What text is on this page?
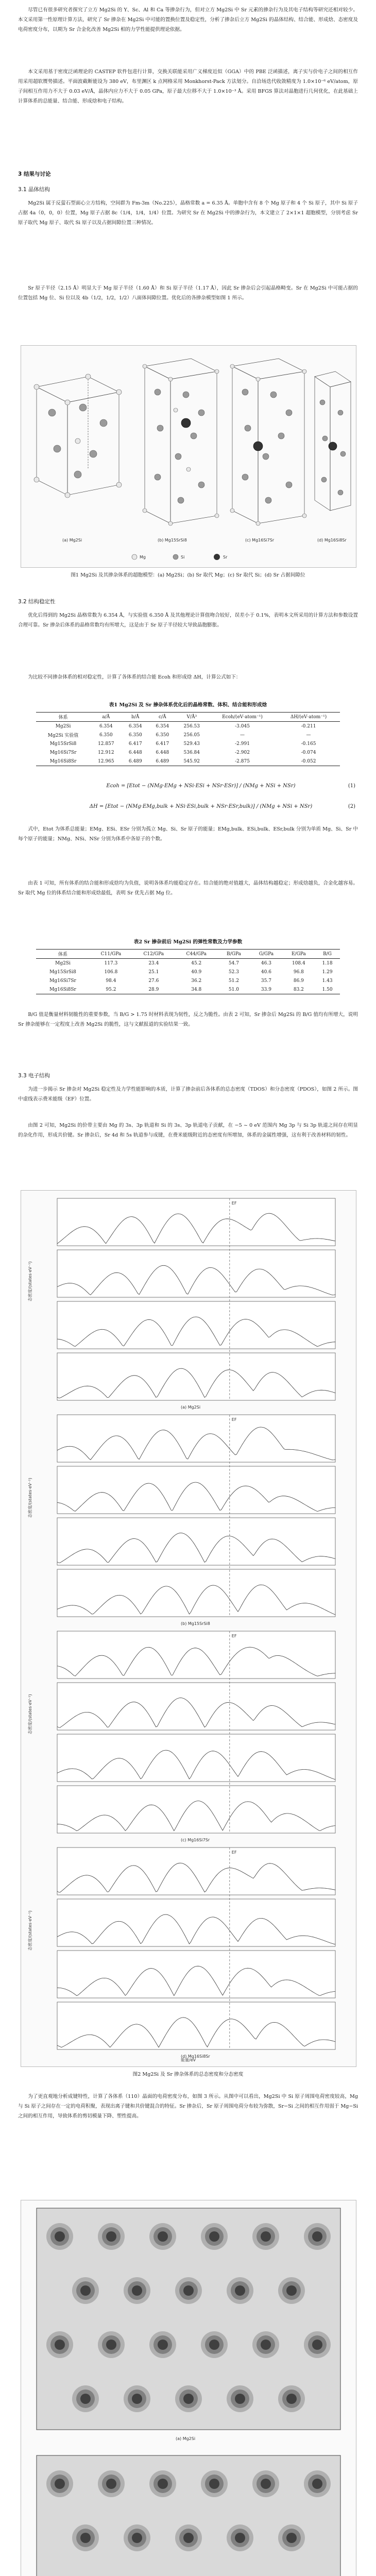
尽管已有很多研究者探究了立方 Mg2Si 的 Y、Sc、Al 和 Ca 等掺杂行为，但对立方 Mg2Si 中 Sr 元素的掺杂行为及其电子结构等研究还相对较少。本文采用第一性原理计算方法，研究了 Sr 掺杂在 Mg2Si 中可能的置换位置及稳定性，分析了掺杂后立方 Mg2Si 的晶体结构、结合能、形成焓、态密度及电荷密度分布，以期为 Sr 合金化改善 Mg2Si 相的力学性能提供理论依据。

本文采用基于密度泛函理论的 CASTEP 软件包进行计算，交换关联能采用广义梯度近似（GGA）中的 PBE 泛函描述，离子实与价电子之间的相互作用采用超软赝势描述。平面波截断能设为 380 eV，布里渊区 k 点网格采用 Monkhorst-Pack 方法划分。自洽场迭代收敛精度为 1.0×10⁻⁶ eV/atom，原子间相互作用力不大于 0.03 eV/Å，晶体内应力不大于 0.05 GPa，原子最大位移不大于 1.0×10⁻³ Å。采用 BFGS 算法对晶胞进行几何优化，在此基础上计算体系的总能量、结合能、形成焓和电子结构。

3 结果与讨论
3.1 晶体结构

Mg2Si 属于反萤石型面心立方结构，空间群为 Fm-3m（No.225），晶格常数 a = 6.35 Å。单胞中含有 8 个 Mg 原子和 4 个 Si 原子，其中 Si 原子占据 4a（0，0，0）位置，Mg 原子占据 8c（1/4，1/4，1/4）位置。为研究 Sr 在 Mg2Si 中的掺杂行为，本文建立了 2×1×1 超胞模型，分别考虑 Sr 原子取代 Mg 原子、取代 Si 原子以及占据间隙位置三种情况。

Sr 原子半径（2.15 Å）明显大于 Mg 原子半径（1.60 Å）和 Si 原子半径（1.17 Å），因此 Sr 掺杂后会引起晶格畸变。Sr 在 Mg2Si 中可能占据的位置包括 Mg 位、Si 位以及 4b（1/2，1/2，1/2）八面体间隙位置。优化后的各掺杂模型如图 1 所示。

(a) Mg2Si	(b) Mg15SrSi8	(c) Mg16Si7Sr	(d) Mg16Si8Sr
Mg	Si	Sr
图1 Mg2Si 及其掺杂体系的超胞模型：(a) Mg2Si；(b) Sr 取代 Mg；(c) Sr 取代 Si；(d) Sr 占据间隙位
3.2 结构稳定性

优化后得到的 Mg2Si 晶格常数为 6.354 Å，与实验值 6.350 Å 及其他理论计算值吻合较好，误差小于 0.1%，表明本文所采用的计算方法和参数设置合理可靠。Sr 掺杂后体系的晶格常数均有所增大，这是由于 Sr 原子半径较大导致晶胞膨胀。

为比较不同掺杂体系的相对稳定性，计算了各体系的结合能 Ecoh 和形成焓 ΔH，计算公式如下：

表1 Mg2Si 及 Sr 掺杂体系优化后的晶格常数、体积、结合能和形成焓
体系	a/Å	b/Å	c/Å	V/Å³	Ecoh/(eV·atom⁻¹)	ΔH/(eV·atom⁻¹)
Mg2Si	6.354	6.354	6.354	256.53	-3.045	-0.211
Mg2Si 实验值	6.350	6.350	6.350	256.05	—	—
Mg15SrSi8	12.857	6.417	6.417	529.43	-2.991	-0.165
Mg16Si7Sr	12.912	6.448	6.448	536.84	-2.902	-0.074
Mg16Si8Sr	12.965	6.489	6.489	545.92	-2.875	-0.052
Ecoh = [Etot − (NMg·EMg + NSi·ESi + NSr·ESr)] / (NMg + NSi + NSr)	(1)
ΔH = [Etot − (NMg·EMg,bulk + NSi·ESi,bulk + NSr·ESr,bulk)] / (NMg + NSi + NSr)	(2)

式中，Etot 为体系总能量；EMg、ESi、ESr 分别为孤立 Mg、Si、Sr 原子的能量；EMg,bulk、ESi,bulk、ESr,bulk 分别为单质 Mg、Si、Sr 中每个原子的能量；NMg、NSi、NSr 分别为体系中各原子的个数。

由表 1 可知，所有体系的结合能和形成焓均为负值，说明各体系均能稳定存在。结合能的绝对值越大，晶体结构越稳定；形成焓越负，合金化越容易。Sr 取代 Mg 位的体系结合能和形成焓最低，表明 Sr 优先占据 Mg 位。

表2 Sr 掺杂前后 Mg2Si 的弹性常数及力学参数
体系	C11/GPa	C12/GPa	C44/GPa	B/GPa	G/GPa	E/GPa	B/G
Mg2Si	117.3	23.4	45.2	54.7	46.3	108.4	1.18
Mg15SrSi8	106.8	25.1	40.9	52.3	40.6	96.8	1.29
Mg16Si7Sr	98.4	27.6	36.2	51.2	35.7	86.9	1.43
Mg16Si8Sr	95.2	28.9	34.8	51.0	33.9	83.2	1.50

B/G 值是衡量材料韧脆性的重要参数，当 B/G > 1.75 时材料表现为韧性，反之为脆性。由表 2 可知，Sr 掺杂后 Mg2Si 的 B/G 值均有所增大，说明 Sr 掺杂能够在一定程度上改善 Mg2Si 的脆性，这与文献报道的实验结果一致。

3.3 电子结构

为进一步揭示 Sr 掺杂对 Mg2Si 稳定性及力学性能影响的本质，计算了掺杂前后各体系的总态密度（TDOS）和分态密度（PDOS），如图 2 所示。图中虚线表示费米能级（EF）位置。

由图 2 可知，Mg2Si 的价带主要由 Mg 的 3s、3p 轨道和 Si 的 3s、3p 轨道电子贡献，在 −5 ~ 0 eV 范围内 Mg 3p 与 Si 3p 轨道之间存在明显的杂化作用，形成共价键。Sr 掺杂后，Sr 4d 和 5s 轨道参与成键，在费米能级附近的态密度有所增加，体系的金属性增强，这有利于改善材料的韧性。

EF
(a) Mg2Si
态密度/(states·eV⁻¹)
EF
(b) Mg15SrSi8
态密度/(states·eV⁻¹)
EF
(c) Mg16Si7Sr
态密度/(states·eV⁻¹)
EF
(d) Mg16Si8Sr
态密度/(states·eV⁻¹)
能量/eV
图2 Mg2Si 及 Sr 掺杂体系的总态密度和分态密度

为了更直观地分析成键特性，计算了各体系（110）晶面的电荷密度分布，如图 3 所示。从图中可以看出，Mg2Si 中 Si 原子周围电荷密度较高，Mg 与 Si 原子之间存在一定的电荷积聚，表现出离子键和共价键混合的特征。Sr 掺杂后，Sr 原子周围电荷分布较为弥散，Sr−Si 之间的相互作用弱于 Mg−Si 之间的相互作用，导致体系的剪切模量下降、塑性提高。

(a) Mg2Si
